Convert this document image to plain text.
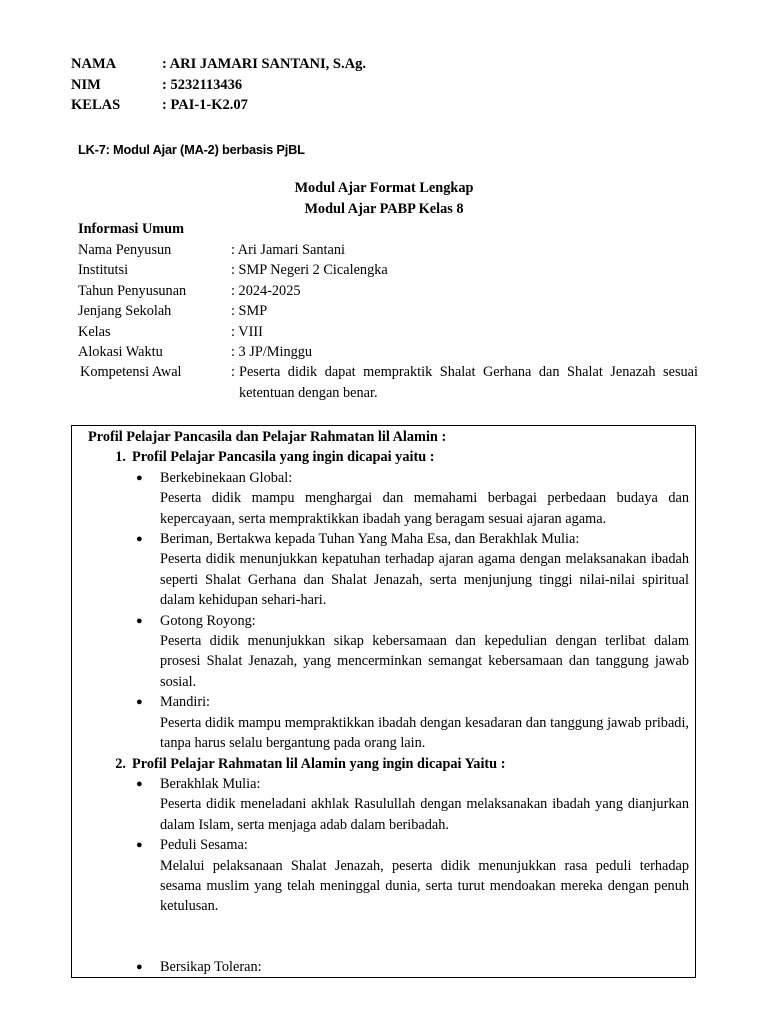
NAMA	: ARI JAMARI SANTANI, S.Ag.
NIM	: 5232113436
KELAS	: PAI-1-K2.07
LK-7: Modul Ajar (MA-2) berbasis PjBL
Modul Ajar Format Lengkap
Modul Ajar PABP Kelas 8
Informasi Umum
Nama Penyusun	: Ari Jamari Santani
Institutsi	: SMP Negeri 2 Cicalengka
Tahun Penyusunan	: 2024-2025
Jenjang Sekolah	: SMP
Kelas	: VIII
Alokasi Waktu	: 3 JP/Minggu
Kompetensi Awal	: Peserta didik dapat mempraktik Shalat Gerhana dan Shalat Jenazah sesuai ketentuan dengan benar.
Profil Pelajar Pancasila dan Pelajar Rahmatan lil Alamin :
1. Profil Pelajar Pancasila yang ingin dicapai yaitu :
● Berkebinekaan Global:
Peserta didik mampu menghargai dan memahami berbagai perbedaan budaya dan kepercayaan, serta mempraktikkan ibadah yang beragam sesuai ajaran agama.
● Beriman, Bertakwa kepada Tuhan Yang Maha Esa, dan Berakhlak Mulia:
Peserta didik menunjukkan kepatuhan terhadap ajaran agama dengan melaksanakan ibadah seperti Shalat Gerhana dan Shalat Jenazah, serta menjunjung tinggi nilai-nilai spiritual dalam kehidupan sehari-hari.
● Gotong Royong:
Peserta didik menunjukkan sikap kebersamaan dan kepedulian dengan terlibat dalam prosesi Shalat Jenazah, yang mencerminkan semangat kebersamaan dan tanggung jawab sosial.
● Mandiri:
Peserta didik mampu mempraktikkan ibadah dengan kesadaran dan tanggung jawab pribadi, tanpa harus selalu bergantung pada orang lain.
2. Profil Pelajar Rahmatan lil Alamin yang ingin dicapai Yaitu :
● Berakhlak Mulia:
Peserta didik meneladani akhlak Rasulullah dengan melaksanakan ibadah yang dianjurkan dalam Islam, serta menjaga adab dalam beribadah.
● Peduli Sesama:
Melalui pelaksanaan Shalat Jenazah, peserta didik menunjukkan rasa peduli terhadap sesama muslim yang telah meninggal dunia, serta turut mendoakan mereka dengan penuh ketulusan.
● Bersikap Toleran:
